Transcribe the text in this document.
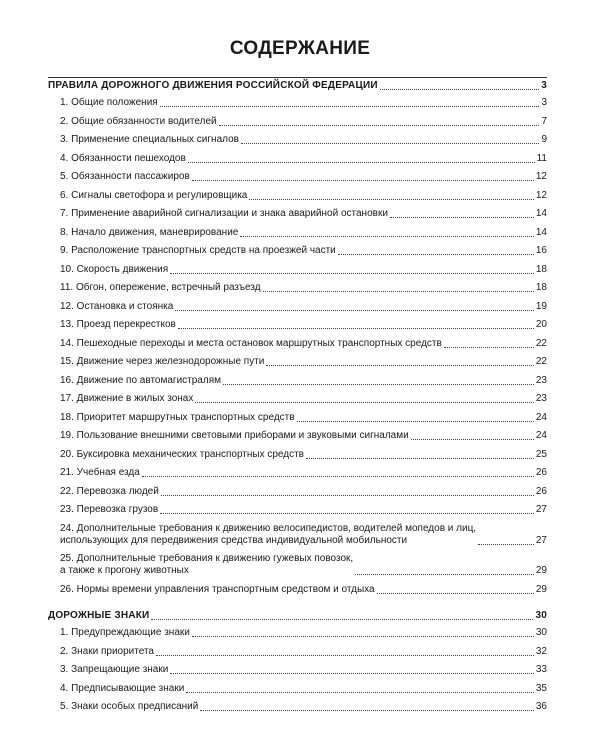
СОДЕРЖАНИЕ
ПРАВИЛА ДОРОЖНОГО ДВИЖЕНИЯ РОССИЙСКОЙ ФЕДЕРАЦИИ	3
1. Общие положения	3
2. Общие обязанности водителей	7
3. Применение специальных сигналов	9
4. Обязанности пешеходов	11
5. Обязанности пассажиров	12
6. Сигналы светофора и регулировщика	12
7. Применение аварийной сигнализации и знака аварийной остановки	14
8. Начало движения, маневрирование	14
9. Расположение транспортных средств на проезжей части	16
10. Скорость движения	18
11. Обгон, опережение, встречный разъезд	18
12. Остановка и стоянка	19
13. Проезд перекрестков	20
14. Пешеходные переходы и места остановок маршрутных транспортных средств	22
15. Движение через железнодорожные пути	22
16. Движение по автомагистралям	23
17. Движение в жилых зонах	23
18. Приоритет маршрутных транспортных средств	24
19. Пользование внешними световыми приборами и звуковыми сигналами	24
20. Буксировка механических транспортных средств	25
21. Учебная езда	26
22. Перевозка людей	26
23. Перевозка грузов	27
24. Дополнительные требования к движению велосипедистов, водителей мопедов и лиц,
использующих для передвижения средства индивидуальной мобильности	27
25. Дополнительные требования к движению гужевых повозок,
а также к прогону животных	29
26. Нормы времени управления транспортным средством и отдыха	29
ДОРОЖНЫЕ ЗНАКИ	30
1. Предупреждающие знаки	30
2. Знаки приоритета	32
3. Запрещающие знаки	33
4. Предписывающие знаки	35
5. Знаки особых предписаний	36
